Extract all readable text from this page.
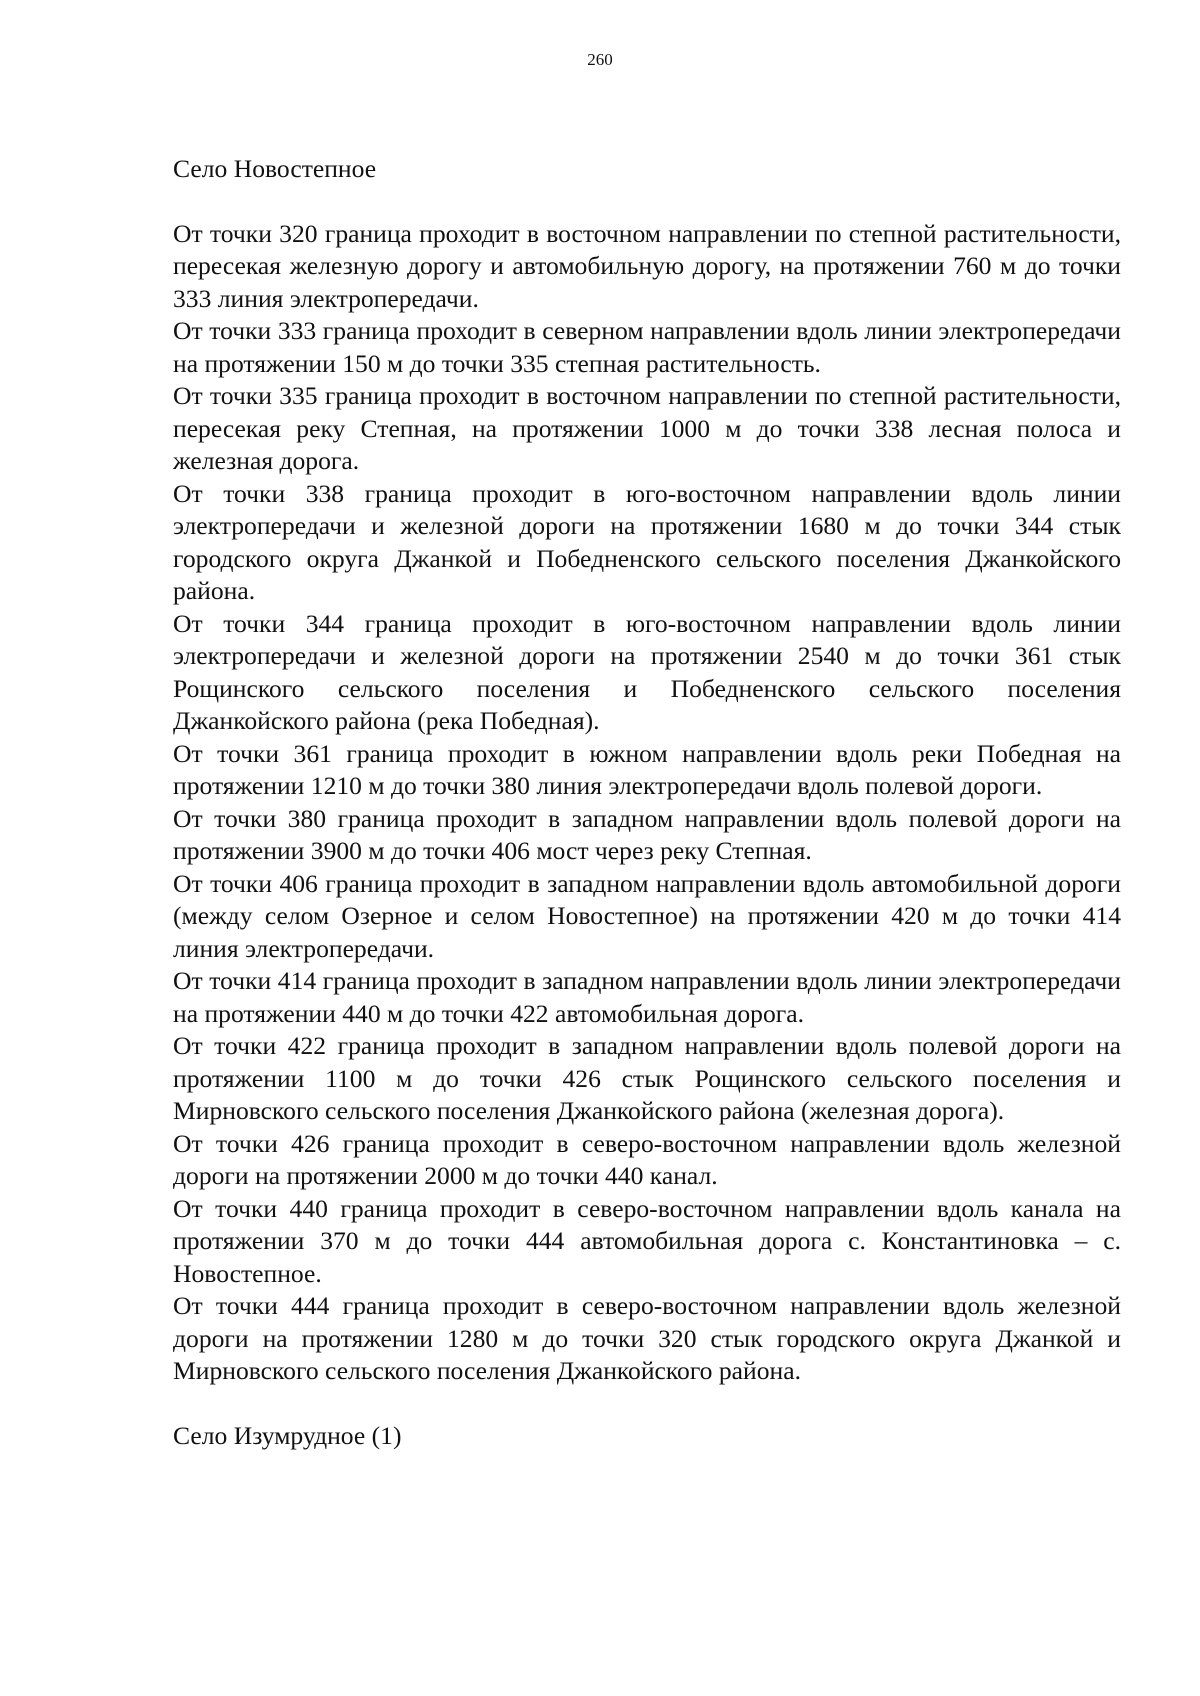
260

Село Новостепное

От точки 320 граница проходит в восточном направлении по степной растительности, пересекая железную дорогу и автомобильную дорогу, на протяжении 760 м до точки 333 линия электропередачи.

От точки 333 граница проходит в северном направлении вдоль линии электропередачи на протяжении 150 м до точки 335 степная растительность.

От точки 335 граница проходит в восточном направлении по степной растительности, пересекая реку Степная, на протяжении 1000 м до точки 338 лесная полоса и железная дорога.

От точки 338 граница проходит в юго-восточном направлении вдоль линии электропередачи и железной дороги на протяжении 1680 м до точки 344 стык городского округа Джанкой и Победненского сельского поселения Джанкойского района.

От точки 344 граница проходит в юго-восточном направлении вдоль линии электропередачи и железной дороги на протяжении 2540 м до точки 361 стык Рощинского сельского поселения и Победненского сельского поселения Джанкойского района (река Победная).

От точки 361 граница проходит в южном направлении вдоль реки Победная на протяжении 1210 м до точки 380 линия электропередачи вдоль полевой дороги.

От точки 380 граница проходит в западном направлении вдоль полевой дороги на протяжении 3900 м до точки 406 мост через реку Степная.

От точки 406 граница проходит в западном направлении вдоль автомобильной дороги (между селом Озерное и селом Новостепное) на протяжении 420 м до точки 414 линия электропередачи.

От точки 414 граница проходит в западном направлении вдоль линии электропередачи на протяжении 440 м до точки 422 автомобильная дорога.

От точки 422 граница проходит в западном направлении вдоль полевой дороги на протяжении 1100 м до точки 426 стык Рощинского сельского поселения и Мирновского сельского поселения Джанкойского района (железная дорога).

От точки 426 граница проходит в северо-восточном направлении вдоль железной дороги на протяжении 2000 м до точки 440 канал.

От точки 440 граница проходит в северо-восточном направлении вдоль канала на протяжении 370 м до точки 444 автомобильная дорога с. Константиновка – с. Новостепное.

От точки 444 граница проходит в северо-восточном направлении вдоль железной дороги на протяжении 1280 м до точки 320 стык городского округа Джанкой и Мирновского сельского поселения Джанкойского района.

Село Изумрудное (1)
